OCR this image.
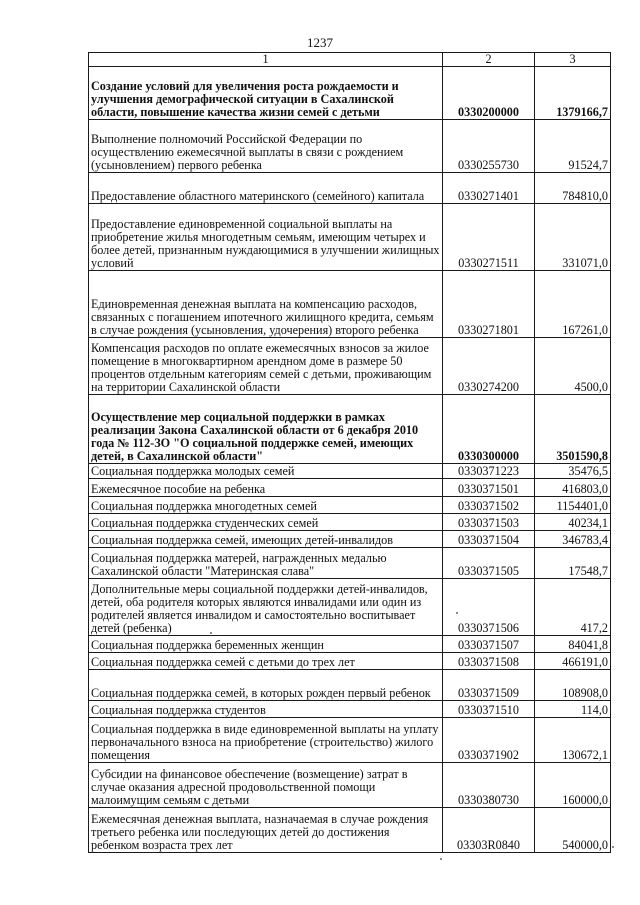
1237
1	2	3
Создание условий для увеличения роста рождаемости и улучшения демографической ситуации в Сахалинской области, повышение качества жизни семей с детьми	0330200000	1379166,7
Выполнение полномочий Российской Федерации по осуществлению ежемесячной выплаты в связи с рождением (усыновлением) первого ребенка	0330255730	91524,7
Предоставление областного материнского (семейного) капитала	0330271401	784810,0
Предоставление единовременной социальной выплаты на приобретение жилья многодетным семьям, имеющим четырех и более детей, признанным нуждающимися в улучшении жилищных условий	0330271511	331071,0
Единовременная денежная выплата на компенсацию расходов, связанных с погашением ипотечного жилищного кредита, семьям в случае рождения (усыновления, удочерения) второго ребенка	0330271801	167261,0
Компенсация расходов по оплате ежемесячных взносов за жилое помещение в многоквартирном арендном доме в размере 50 процентов отдельным категориям семей с детьми, проживающим на территории Сахалинской области	0330274200	4500,0
Осуществление мер социальной поддержки в рамках реализации Закона Сахалинской области от 6 декабря 2010 года № 112-ЗО "О социальной поддержке семей, имеющих детей, в Сахалинской области"	0330300000	3501590,8
Социальная поддержка молодых семей	0330371223	35476,5
Ежемесячное пособие на ребенка	0330371501	416803,0
Социальная поддержка многодетных семей	0330371502	1154401,0
Социальная поддержка студенческих семей	0330371503	40234,1
Социальная поддержка семей, имеющих детей-инвалидов	0330371504	346783,4
Социальная поддержка матерей, награжденных медалью Сахалинской области "Материнская слава"	0330371505	17548,7
Дополнительные меры социальной поддержки детей-инвалидов, детей, оба родителя которых являются инвалидами или один из родителей является инвалидом и самостоятельно воспитывает детей (ребенка)	0330371506	417,2
Социальная поддержка беременных женщин	0330371507	84041,8
Социальная поддержка семей с детьми до трех лет	0330371508	466191,0
Социальная поддержка семей, в которых рожден первый ребенок	0330371509	108908,0
Социальная поддержка студентов	0330371510	114,0
Социальная поддержка в виде единовременной выплаты на уплату первоначального взноса на приобретение (строительство) жилого помещения	0330371902	130672,1
Субсидии на финансовое обеспечение (возмещение) затрат в случае оказания адресной продовольственной помощи малоимущим семьям с детьми	0330380730	160000,0
Ежемесячная денежная выплата, назначаемая в случае рождения третьего ребенка или последующих детей до достижения ребенком возраста трех лет	03303R0840	540000,0
